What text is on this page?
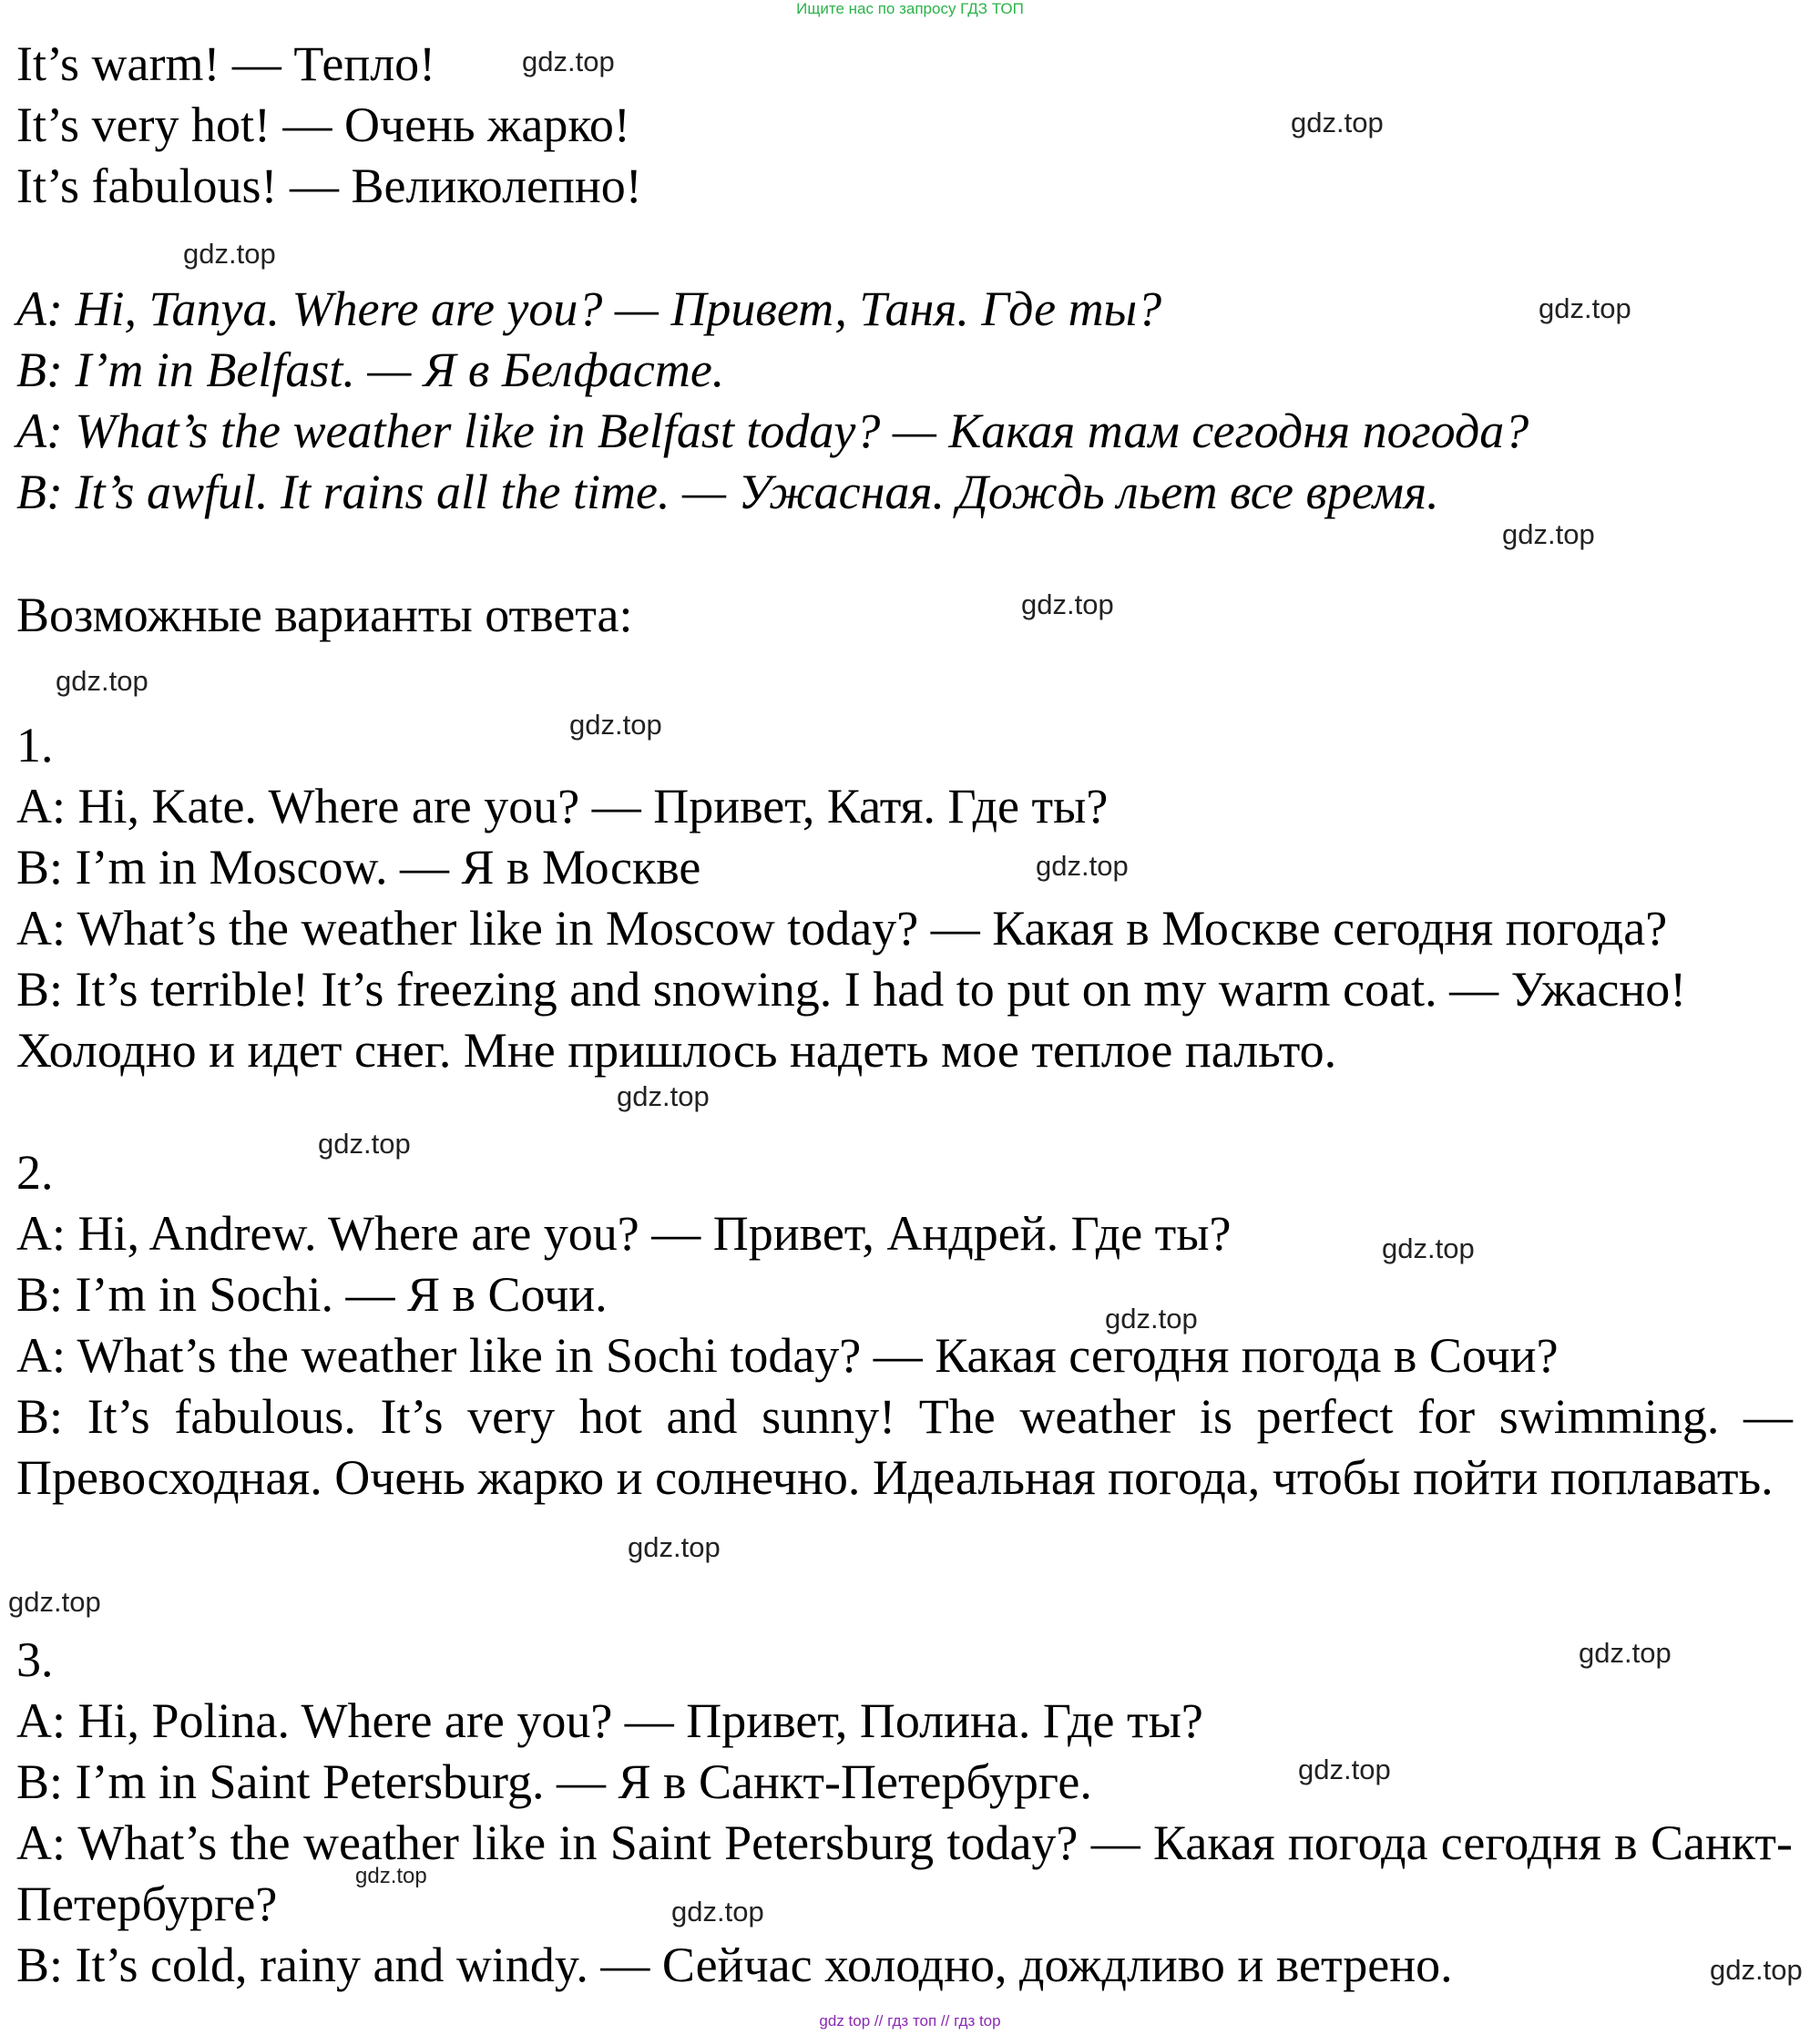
Ищите нас по запросу ГДЗ ТОП
It’s warm! — Тепло!
It’s very hot! — Очень жарко!
It’s fabulous! — Великолепно!
A: Hi, Tanya. Where are you? — Привет, Таня. Где ты?
B: I’m in Belfast. — Я в Белфасте.
A: What’s the weather like in Belfast today? — Какая там сегодня погода?
B: It’s awful. It rains all the time. — Ужасная. Дождь льет все время.
Возможные варианты ответа:
1.
A: Hi, Kate. Where are you? — Привет, Катя. Где ты?
B: I’m in Moscow. — Я в Москве
A: What’s the weather like in Moscow today? — Какая в Москве сегодня погода?
B: It’s terrible! It’s freezing and snowing. I had to put on my warm coat. — Ужасно!
Холодно и идет снег. Мне пришлось надеть мое теплое пальто.
2.
A: Hi, Andrew. Where are you? — Привет, Андрей. Где ты?
B: I’m in Sochi. — Я в Сочи.
A: What’s the weather like in Sochi today? — Какая сегодня погода в Сочи?
B: It’s fabulous. It’s very hot and sunny! The weather is perfect for swimming. — Превосходная. Очень жарко и солнечно. Идеальная погода, чтобы пойти поплавать.
3.
A: Hi, Polina. Where are you? — Привет, Полина. Где ты?
B: I’m in Saint Petersburg. — Я в Санкт-Петербурге.
A: What’s the weather like in Saint Petersburg today? — Какая погода сегодня в Санкт-Петербурге?
B: It’s cold, rainy and windy. — Сейчас холодно, дождливо и ветрено.
gdz.top
gdz.top
gdz.top
gdz.top
gdz.top
gdz.top
gdz.top
gdz.top
gdz.top
gdz.top
gdz.top
gdz.top
gdz.top
gdz.top
gdz.top
gdz.top
gdz.top
gdz.top
gdz.top
gdz.top
gdz top // гдз топ // гдз top
